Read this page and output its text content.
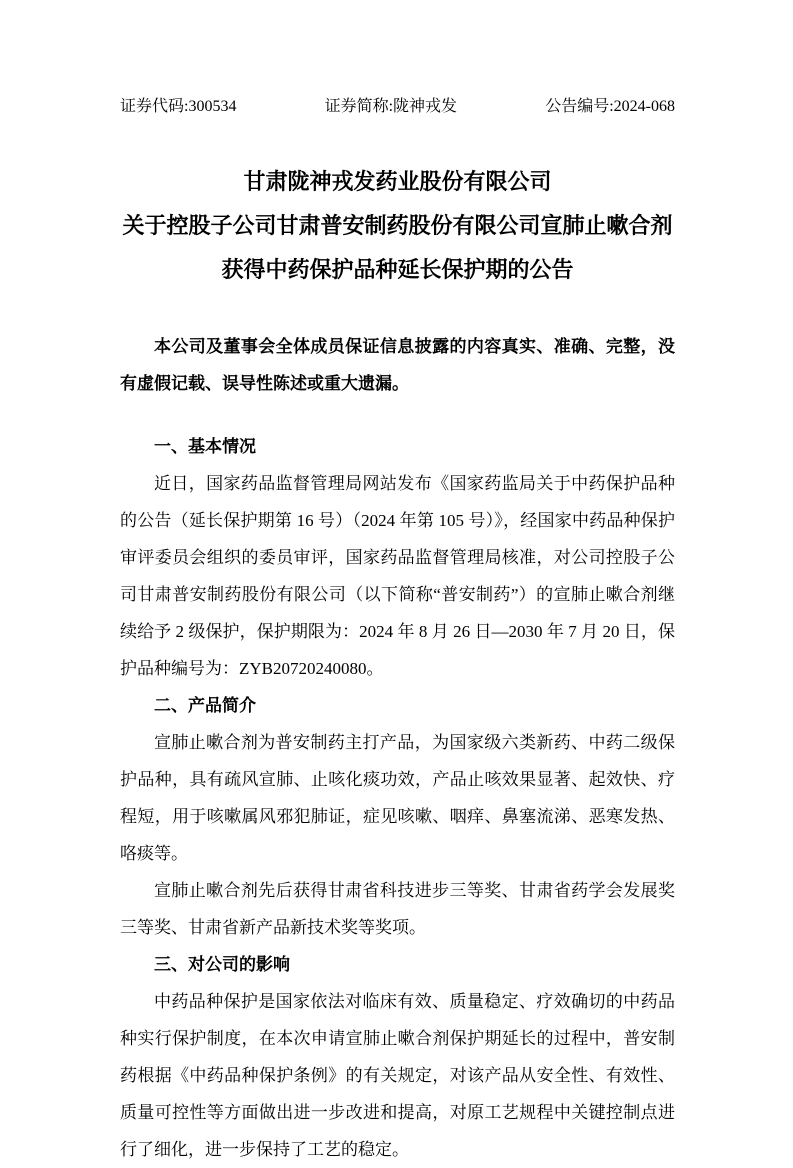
证券代码:300534	证券简称:陇神戎发	公告编号:2024-068
甘肃陇神戎发药业股份有限公司
关于控股子公司甘肃普安制药股份有限公司宣肺止嗽合剂
获得中药保护品种延长保护期的公告

本公司及董事会全体成员保证信息披露的内容真实、准确、完整，没有虚假记载、误导性陈述或重大遗漏。

一、基本情况

近日，国家药品监督管理局网站发布《国家药监局关于中药保护品种的公告（延长保护期第 16 号）（2024 年第 105 号）》，经国家中药品种保护审评委员会组织的委员审评，国家药品监督管理局核准，对公司控股子公司甘肃普安制药股份有限公司（以下简称“普安制药”）的宣肺止嗽合剂继续给予 2 级保护，保护期限为：2024 年 8 月 26 日—2030 年 7 月 20 日，保护品种编号为：ZYB20720240080。

二、产品简介

宣肺止嗽合剂为普安制药主打产品，为国家级六类新药、中药二级保护品种，具有疏风宣肺、止咳化痰功效，产品止咳效果显著、起效快、疗程短，用于咳嗽属风邪犯肺证，症见咳嗽、咽痒、鼻塞流涕、恶寒发热、咯痰等。

宣肺止嗽合剂先后获得甘肃省科技进步三等奖、甘肃省药学会发展奖三等奖、甘肃省新产品新技术奖等奖项。

三、对公司的影响

中药品种保护是国家依法对临床有效、质量稳定、疗效确切的中药品种实行保护制度，在本次申请宣肺止嗽合剂保护期延长的过程中，普安制药根据《中药品种保护条例》的有关规定，对该产品从安全性、有效性、质量可控性等方面做出进一步改进和提高，对原工艺规程中关键控制点进行了细化，进一步保持了工艺的稳定。
